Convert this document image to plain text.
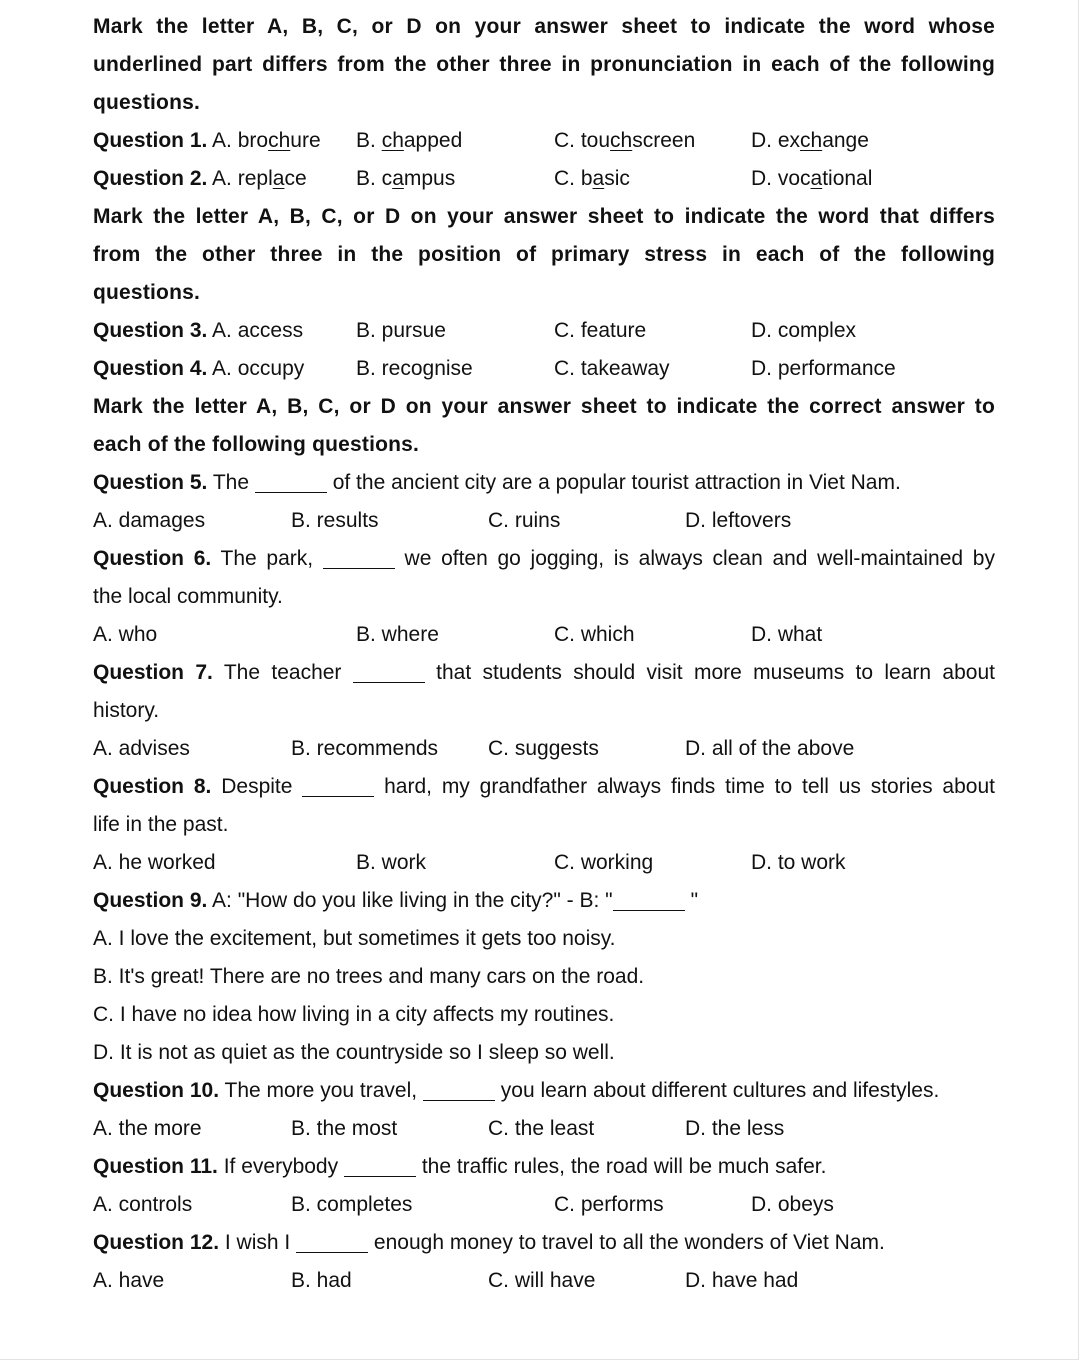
Mark the letter A, B, C, or D on your answer sheet to indicate the word whose
underlined part differs from the other three in pronunciation in each of the following
questions.
Question 1. A. brochure B. chapped	C. touchscreen	D. exchange
Question 2. A. replace B. campus	C. basic	D. vocational
Mark the letter A, B, C, or D on your answer sheet to indicate the word that differs
from the other three in the position of primary stress in each of the following
questions.
Question 3. A. access	B. pursue	C. feature	D. complex
Question 4. A. occupy B. recognise	C. takeaway	D. performance
Mark the letter A, B, C, or D on your answer sheet to indicate the correct answer to
each of the following questions.
Question 5. The	of the ancient city are a popular tourist attraction in Viet Nam.
A. damages	B. results	C. ruins	D. leftovers
Question 6. The park,	we often go jogging, is always clean and well-maintained by
the local community.
A. who	B. where	C. which	D. what
Question 7. The teacher	that students should visit more museums to learn about
history.
A. advises	B. recommends C. suggests	D. all of the above
Question 8. Despite	hard, my grandfather always finds time to tell us stories about
life in the past.
A. he worked	B. work	C. working	D. to work
Question 9. A: "How do you like living in the city?" - B: "	"
A. I love the excitement, but sometimes it gets too noisy.
B. It's great! There are no trees and many cars on the road.
C. I have no idea how living in a city affects my routines.
D. It is not as quiet as the countryside so I sleep so well.
Question 10. The more you travel,	you learn about different cultures and lifestyles.
A. the more	B. the most	C. the least	D. the less
Question 11. If everybody	the traffic rules, the road will be much safer.
A. controls	B. completes	C. performs	D. obeys
Question 12. I wish I	enough money to travel to all the wonders of Viet Nam.
A. have	B. had	C. will have	D. have had
